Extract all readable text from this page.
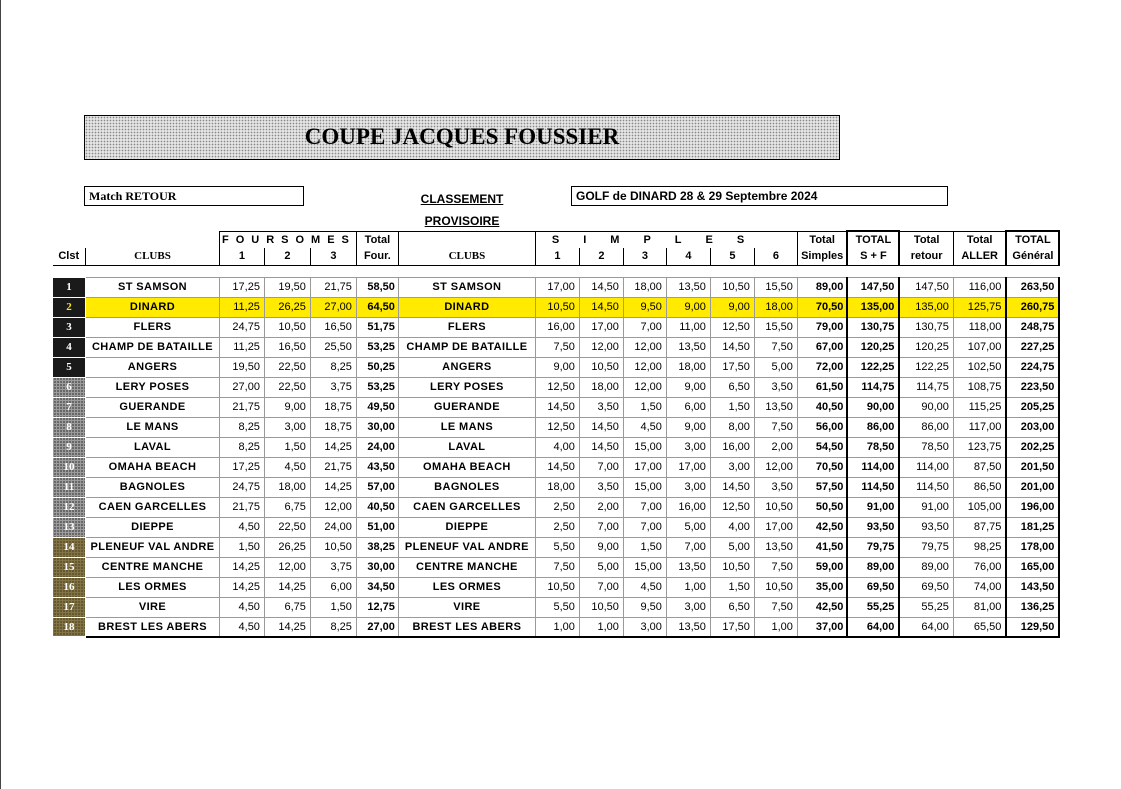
COUPE JACQUES FOUSSIER
Match RETOUR	CLASSEMENT
PROVISOIRE
GOLF de DINARD 28 & 29 Septembre 2024
		FOURSOMES			Total		SIMPLES						Total	TOTAL	Total	Total	TOTAL
Clst	CLUBS	1	2	3	Four.	CLUBS	1	2	3	4	5	6	Simples	S + F	retour	ALLER	Général

1	ST SAMSON	17,25	19,50	21,75	58,50	ST SAMSON	17,00	14,50	18,00	13,50	10,50	15,50	89,00	147,50	147,50	116,00	263,50
2	DINARD	11,25	26,25	27,00	64,50	DINARD	10,50	14,50	9,50	9,00	9,00	18,00	70,50	135,00	135,00	125,75	260,75
3	FLERS	24,75	10,50	16,50	51,75	FLERS	16,00	17,00	7,00	11,00	12,50	15,50	79,00	130,75	130,75	118,00	248,75
4	CHAMP DE BATAILLE	11,25	16,50	25,50	53,25	CHAMP DE BATAILLE	7,50	12,00	12,00	13,50	14,50	7,50	67,00	120,25	120,25	107,00	227,25
5	ANGERS	19,50	22,50	8,25	50,25	ANGERS	9,00	10,50	12,00	18,00	17,50	5,00	72,00	122,25	122,25	102,50	224,75
6	LERY POSES	27,00	22,50	3,75	53,25	LERY POSES	12,50	18,00	12,00	9,00	6,50	3,50	61,50	114,75	114,75	108,75	223,50
7	GUERANDE	21,75	9,00	18,75	49,50	GUERANDE	14,50	3,50	1,50	6,00	1,50	13,50	40,50	90,00	90,00	115,25	205,25
8	LE MANS	8,25	3,00	18,75	30,00	LE MANS	12,50	14,50	4,50	9,00	8,00	7,50	56,00	86,00	86,00	117,00	203,00
9	LAVAL	8,25	1,50	14,25	24,00	LAVAL	4,00	14,50	15,00	3,00	16,00	2,00	54,50	78,50	78,50	123,75	202,25
10	OMAHA BEACH	17,25	4,50	21,75	43,50	OMAHA BEACH	14,50	7,00	17,00	17,00	3,00	12,00	70,50	114,00	114,00	87,50	201,50
11	BAGNOLES	24,75	18,00	14,25	57,00	BAGNOLES	18,00	3,50	15,00	3,00	14,50	3,50	57,50	114,50	114,50	86,50	201,00
12	CAEN GARCELLES	21,75	6,75	12,00	40,50	CAEN GARCELLES	2,50	2,00	7,00	16,00	12,50	10,50	50,50	91,00	91,00	105,00	196,00
13	DIEPPE	4,50	22,50	24,00	51,00	DIEPPE	2,50	7,00	7,00	5,00	4,00	17,00	42,50	93,50	93,50	87,75	181,25
14	PLENEUF VAL ANDRE	1,50	26,25	10,50	38,25	PLENEUF VAL ANDRE	5,50	9,00	1,50	7,00	5,00	13,50	41,50	79,75	79,75	98,25	178,00
15	CENTRE MANCHE	14,25	12,00	3,75	30,00	CENTRE MANCHE	7,50	5,00	15,00	13,50	10,50	7,50	59,00	89,00	89,00	76,00	165,00
16	LES ORMES	14,25	14,25	6,00	34,50	LES ORMES	10,50	7,00	4,50	1,00	1,50	10,50	35,00	69,50	69,50	74,00	143,50
17	VIRE	4,50	6,75	1,50	12,75	VIRE	5,50	10,50	9,50	3,00	6,50	7,50	42,50	55,25	55,25	81,00	136,25
18	BREST LES ABERS	4,50	14,25	8,25	27,00	BREST LES ABERS	1,00	1,00	3,00	13,50	17,50	1,00	37,00	64,00	64,00	65,50	129,50
